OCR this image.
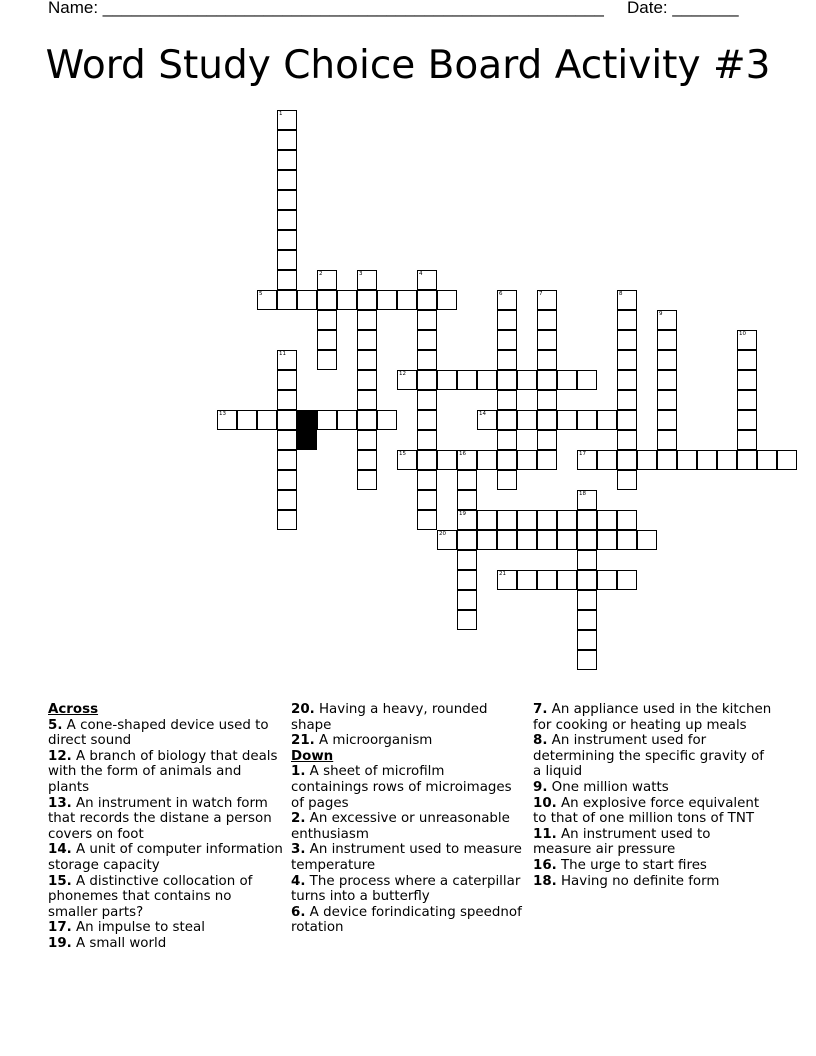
Name: _____________________________________________________ Date: _______
Word Study Choice Board Activity #3
5
12
13	14
15	16	17
19
20
21
1
2	3	4
6	7	8
9
10
11
18
Across
5 . A cone-shaped device used to direct sound
12 . A branch of biology that deals with the form of animals and plants
13 . An instrument in watch form that records the distane a person covers on foot
14 . A unit of computer information storage capacity
15 . A distinctive collocation of phonemes that contains no smaller parts?
17 . An impulse to steal
19 . A small world
20 . Having a heavy, rounded shape
21 . A microorganism
Down
1 . A sheet of microfilm containings rows of microimages of pages
2 . An excessive or unreasonable enthusiasm
3 . An instrument used to measure temperature
4 . The process where a caterpillar turns into a butterfly
6 . A device forindicating speednof rotation
7 . An appliance used in the kitchen for cooking or heating up meals
8 . An instrument used for determining the specific gravity of a liquid
9 . One million watts
10 . An explosive force equivalent to that of one million tons of TNT
11 . An instrument used to measure air pressure
16 . The urge to start fires
18 . Having no definite form
